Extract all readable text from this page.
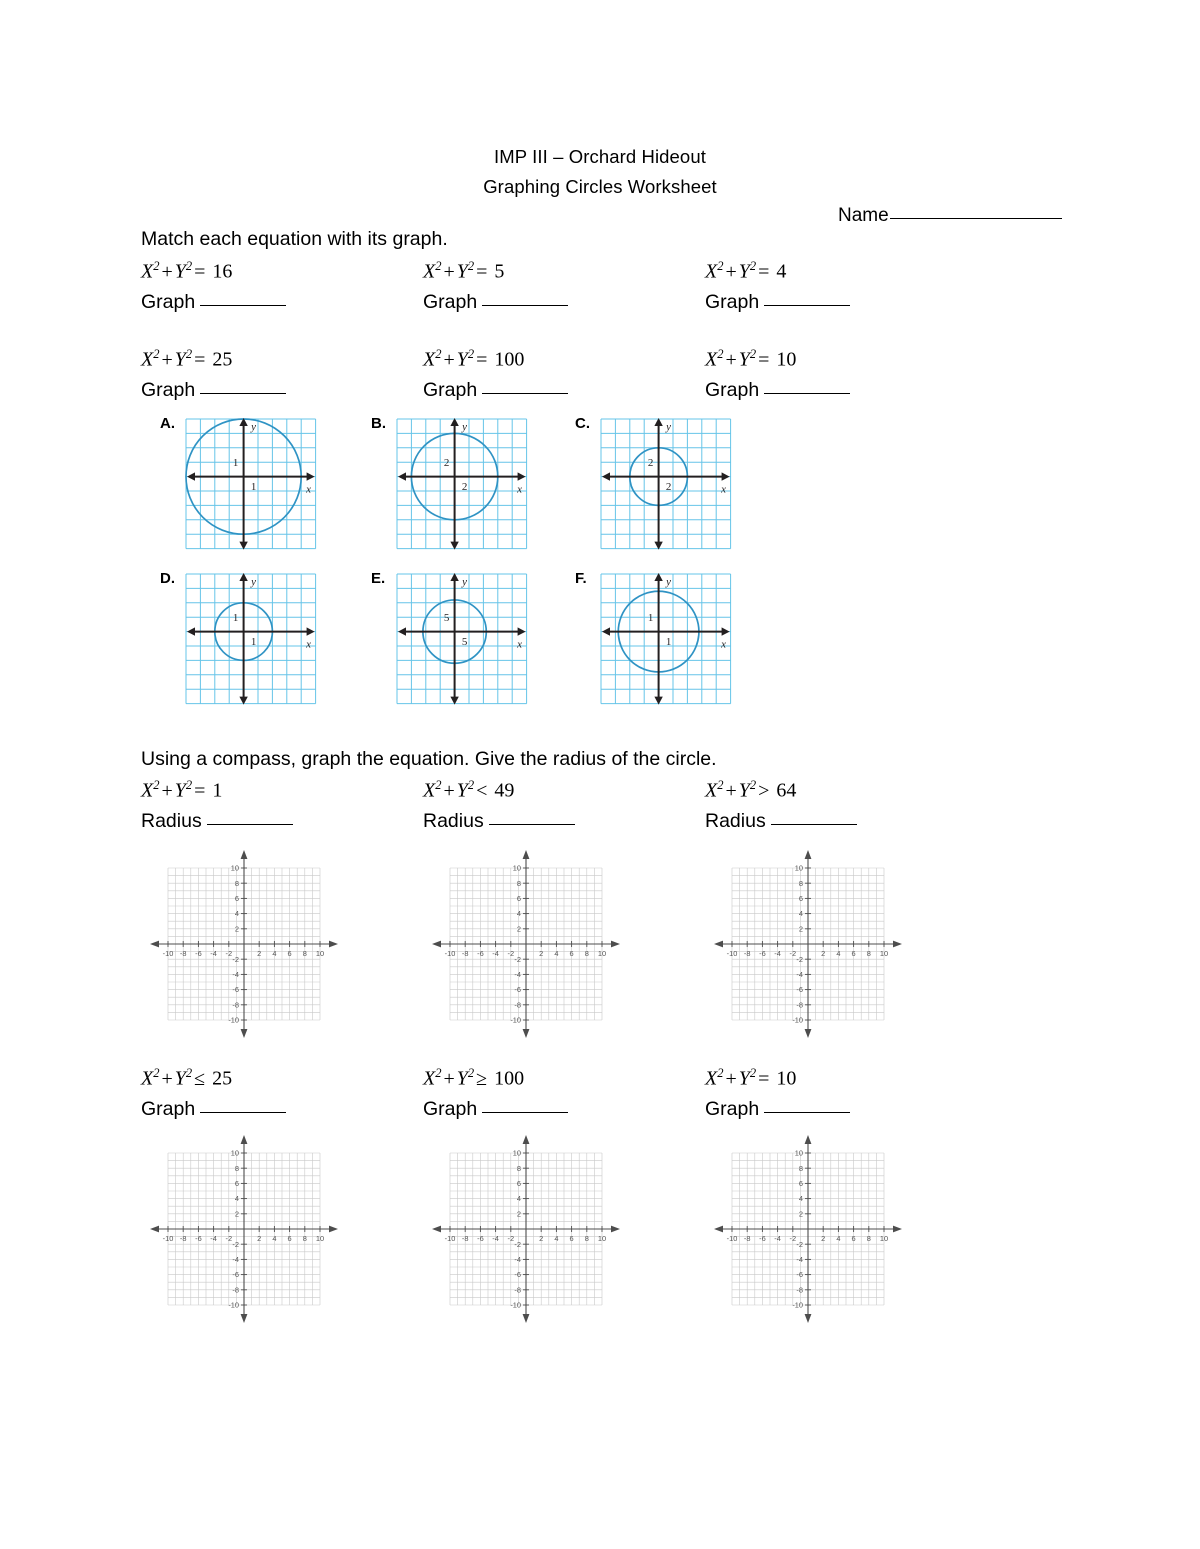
IMP III – Orchard Hideout
Graphing Circles Worksheet
Name
Match each equation with its graph.
$X^2 + Y^2 = 16$	$X^2 + Y^2 = 5$	$X^2 + Y^2 = 4$
Graph	Graph	Graph
$X^2 + Y^2 = 25$	$X^2 + Y^2 = 100$	$X^2 + Y^2 = 10$
Graph	Graph	Graph
A.	y
x
1
1
B.	y
x
2
2
C.	y
x
2
2
D.	y
x
1
1
E.	y
x
5
5
F.	y
x
1
1
Using a compass, graph the equation. Give the radius of the circle.
$X^2 + Y^2 = 1$	$X^2 + Y^2 < 49$	$X^2 + Y^2 > 64$
Radius	Radius	Radius
-10 -8 -6 -4 -2	2 4 6 8 10
10
8
6
4
2
-2
-4
-6
-8
-10
-10 -8 -6 -4 -2	2 4 6 8 10
10
8
6
4
2
-2
-4
-6
-8
-10
-10 -8 -6 -4 -2	2 4 6 8 10
10
8
6
4
2
-2
-4
-6
-8
-10
$X^2 + Y^2 \le 25$	$X^2 + Y^2 \ge 100$	$X^2 + Y^2 = 10$
Graph	Graph	Graph
-10 -8 -6 -4 -2	2 4 6 8 10
10
8
6
4
2
-2
-4
-6
-8
-10
-10 -8 -6 -4 -2	2 4 6 8 10
10
8
6
4
2
-2
-4
-6
-8
-10
-10 -8 -6 -4 -2	2 4 6 8 10
10
8
6
4
2
-2
-4
-6
-8
-10
